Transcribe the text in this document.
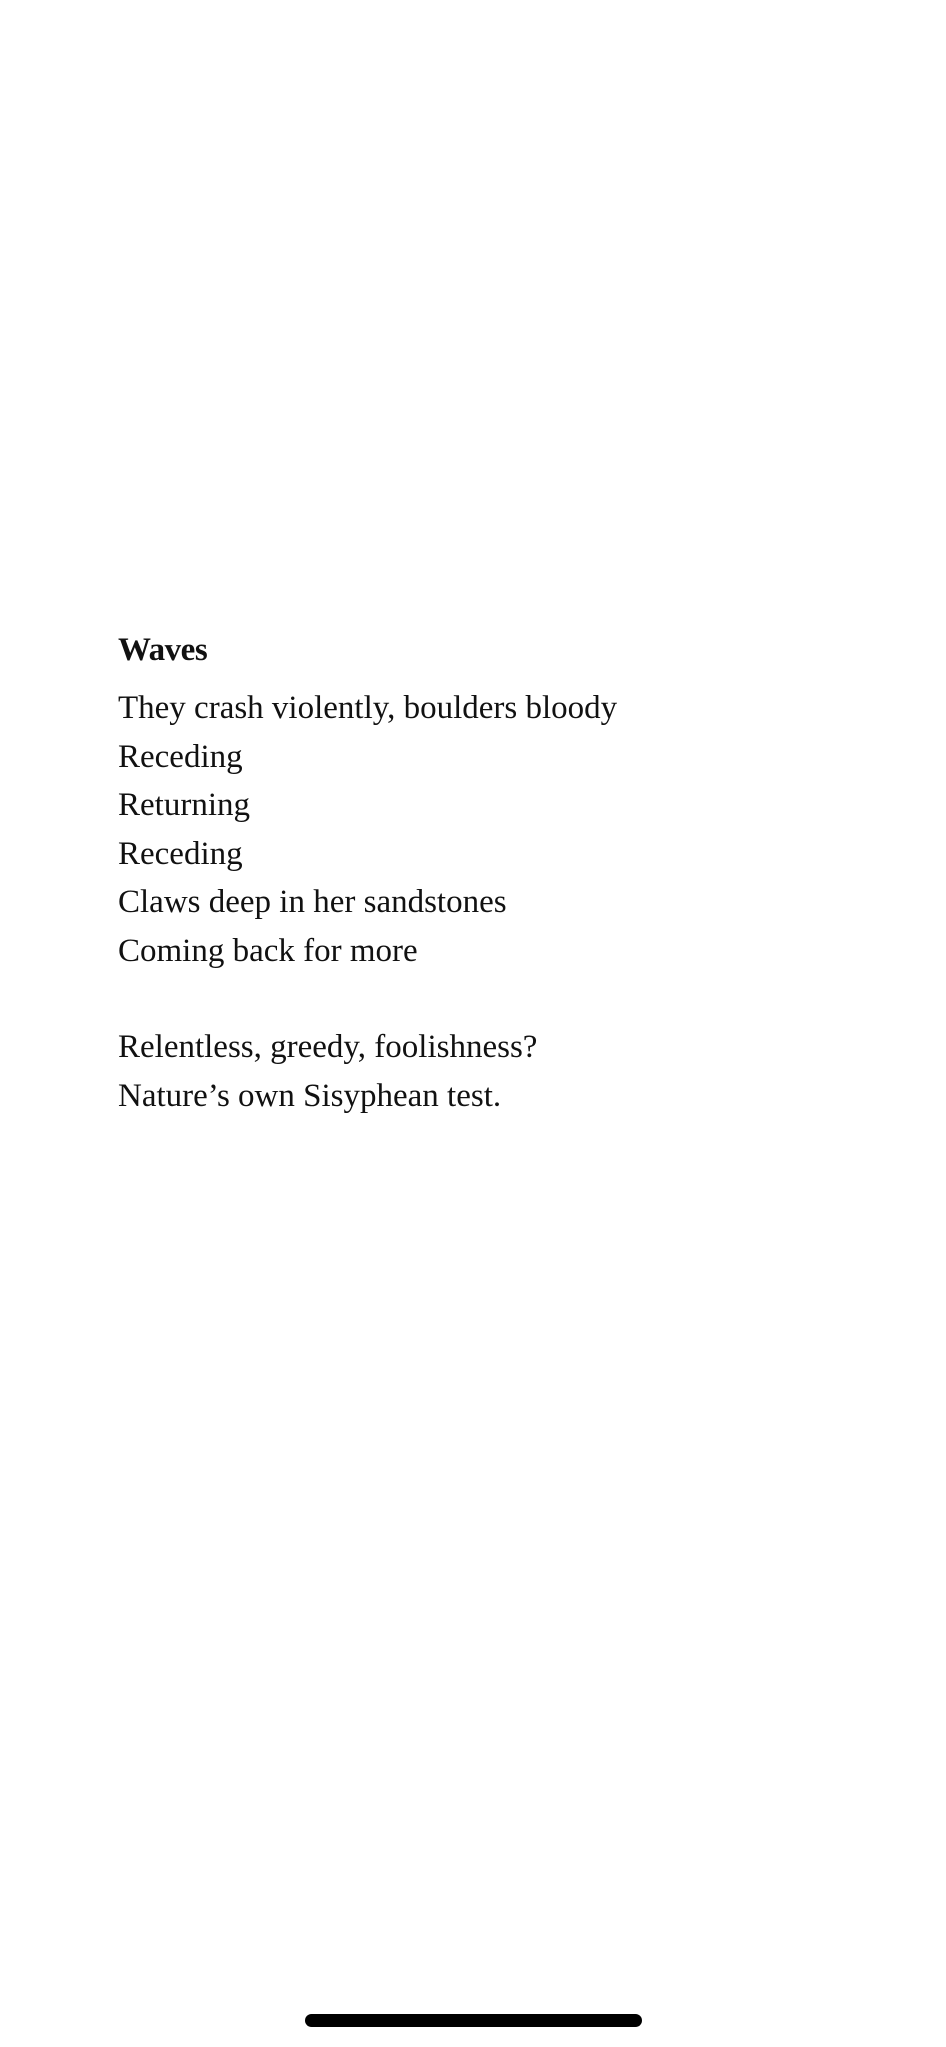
Waves
They crash violently, boulders bloody
Receding
Returning
Receding
Claws deep in her sandstones
Coming back for more
Relentless, greedy, foolishness?
Nature’s own Sisyphean test.
